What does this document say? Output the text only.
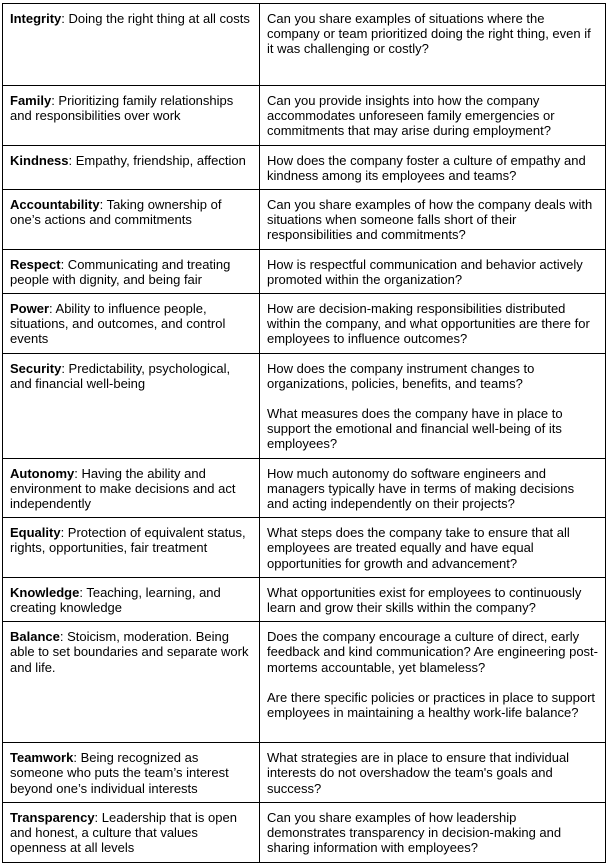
Integrity: Doing the right thing at all costs	Can you share examples of situations where the company or team prioritized doing the right thing, even if it was challenging or costly?

Family: Prioritizing family relationships and responsibilities over work	Can you provide insights into how the company accommodates unforeseen family emergencies or commitments that may arise during employment?

Kindness: Empathy, friendship, affection	How does the company foster a culture of empathy and kindness among its employees and teams?

Accountability: Taking ownership of one’s actions and commitments	Can you share examples of how the company deals with situations when someone falls short of their responsibilities and commitments?

Respect: Communicating and treating people with dignity, and being fair	How is respectful communication and behavior actively promoted within the organization?

Power: Ability to influence people, situations, and outcomes, and control events	How are decision-making responsibilities distributed within the company, and what opportunities are there for employees to influence outcomes?

Security: Predictability, psychological, and financial well-being	How does the company instrument changes to organizations, policies, benefits, and teams?
What measures does the company have in place to support the emotional and financial well-being of its employees?

Autonomy: Having the ability and environment to make decisions and act independently	How much autonomy do software engineers and managers typically have in terms of making decisions and acting independently on their projects?

Equality: Protection of equivalent status, rights, opportunities, fair treatment	What steps does the company take to ensure that all employees are treated equally and have equal opportunities for growth and advancement?

Knowledge: Teaching, learning, and creating knowledge	What opportunities exist for employees to continuously learn and grow their skills within the company?

Balance: Stoicism, moderation. Being able to set boundaries and separate work and life.	Does the company encourage a culture of direct, early feedback and kind communication? Are engineering post-mortems accountable, yet blameless?
Are there specific policies or practices in place to support employees in maintaining a healthy work-life balance?

Teamwork: Being recognized as someone who puts the team’s interest beyond one’s individual interests	What strategies are in place to ensure that individual interests do not overshadow the team's goals and success?

Transparency: Leadership that is open and honest, a culture that values openness at all levels	Can you share examples of how leadership demonstrates transparency in decision-making and sharing information with employees?
